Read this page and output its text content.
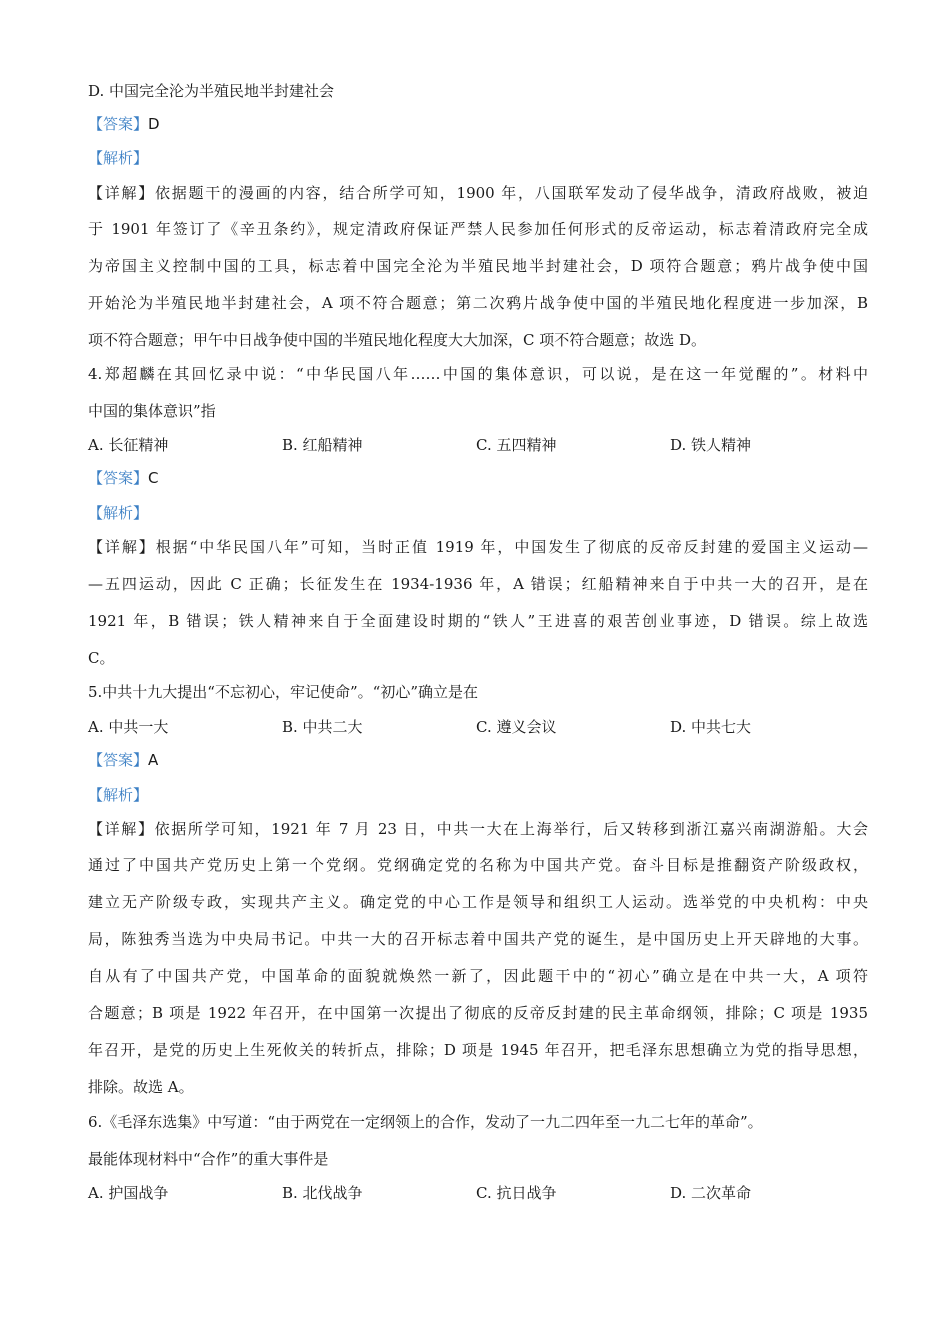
D. 中国完全沦为半殖民地半封建社会
【答案】D
【解析】
【详解】依据题干的漫画的内容，结合所学可知，1900 年，八国联军发动了侵华战争，清政府战败，被迫
于 1901 年签订了《辛丑条约》，规定清政府保证严禁人民参加任何形式的反帝运动，标志着清政府完全成
为帝国主义控制中国的工具，标志着中国完全沦为半殖民地半封建社会，D 项符合题意；鸦片战争使中国
开始沦为半殖民地半封建社会，A 项不符合题意；第二次鸦片战争使中国的半殖民地化程度进一步加深，B
项不符合题意；甲午中日战争使中国的半殖民地化程度大大加深，C 项不符合题意；故选 D。
4.郑超麟在其回忆录中说：“中华民国八年……中国的集体意识，可以说，是在这一年觉醒的”。材料中
中国的集体意识”指
A. 长征精神	B. 红船精神	C. 五四精神	D. 铁人精神
【答案】C
【解析】
【详解】根据“中华民国八年”可知，当时正值 1919 年，中国发生了彻底的反帝反封建的爱国主义运动—
—五四运动，因此 C 正确；长征发生在 1934-1936 年，A 错误；红船精神来自于中共一大的召开，是在
1921 年，B 错误；铁人精神来自于全面建设时期的“铁人”王进喜的艰苦创业事迹，D 错误。综上故选
C。
5.中共十九大提出“不忘初心，牢记使命”。“初心”确立是在
A. 中共一大	B. 中共二大	C. 遵义会议	D. 中共七大
【答案】A
【解析】
【详解】依据所学可知，1921 年 7 月 23 日，中共一大在上海举行，后又转移到浙江嘉兴南湖游船。大会
通过了中国共产党历史上第一个党纲。党纲确定党的名称为中国共产党。奋斗目标是推翻资产阶级政权，
建立无产阶级专政，实现共产主义。确定党的中心工作是领导和组织工人运动。选举党的中央机构：中央
局，陈独秀当选为中央局书记。中共一大的召开标志着中国共产党的诞生，是中国历史上开天辟地的大事。
自从有了中国共产党，中国革命的面貌就焕然一新了，因此题干中的“初心”确立是在中共一大，A 项符
合题意；B 项是 1922 年召开，在中国第一次提出了彻底的反帝反封建的民主革命纲领，排除；C 项是 1935
年召开，是党的历史上生死攸关的转折点，排除；D 项是 1945 年召开，把毛泽东思想确立为党的指导思想，
排除。故选 A。
6.《毛泽东选集》中写道：“由于两党在一定纲领上的合作，发动了一九二四年至一九二七年的革命”。
最能体现材料中“合作”的重大事件是
A. 护国战争	B. 北伐战争	C. 抗日战争	D. 二次革命
